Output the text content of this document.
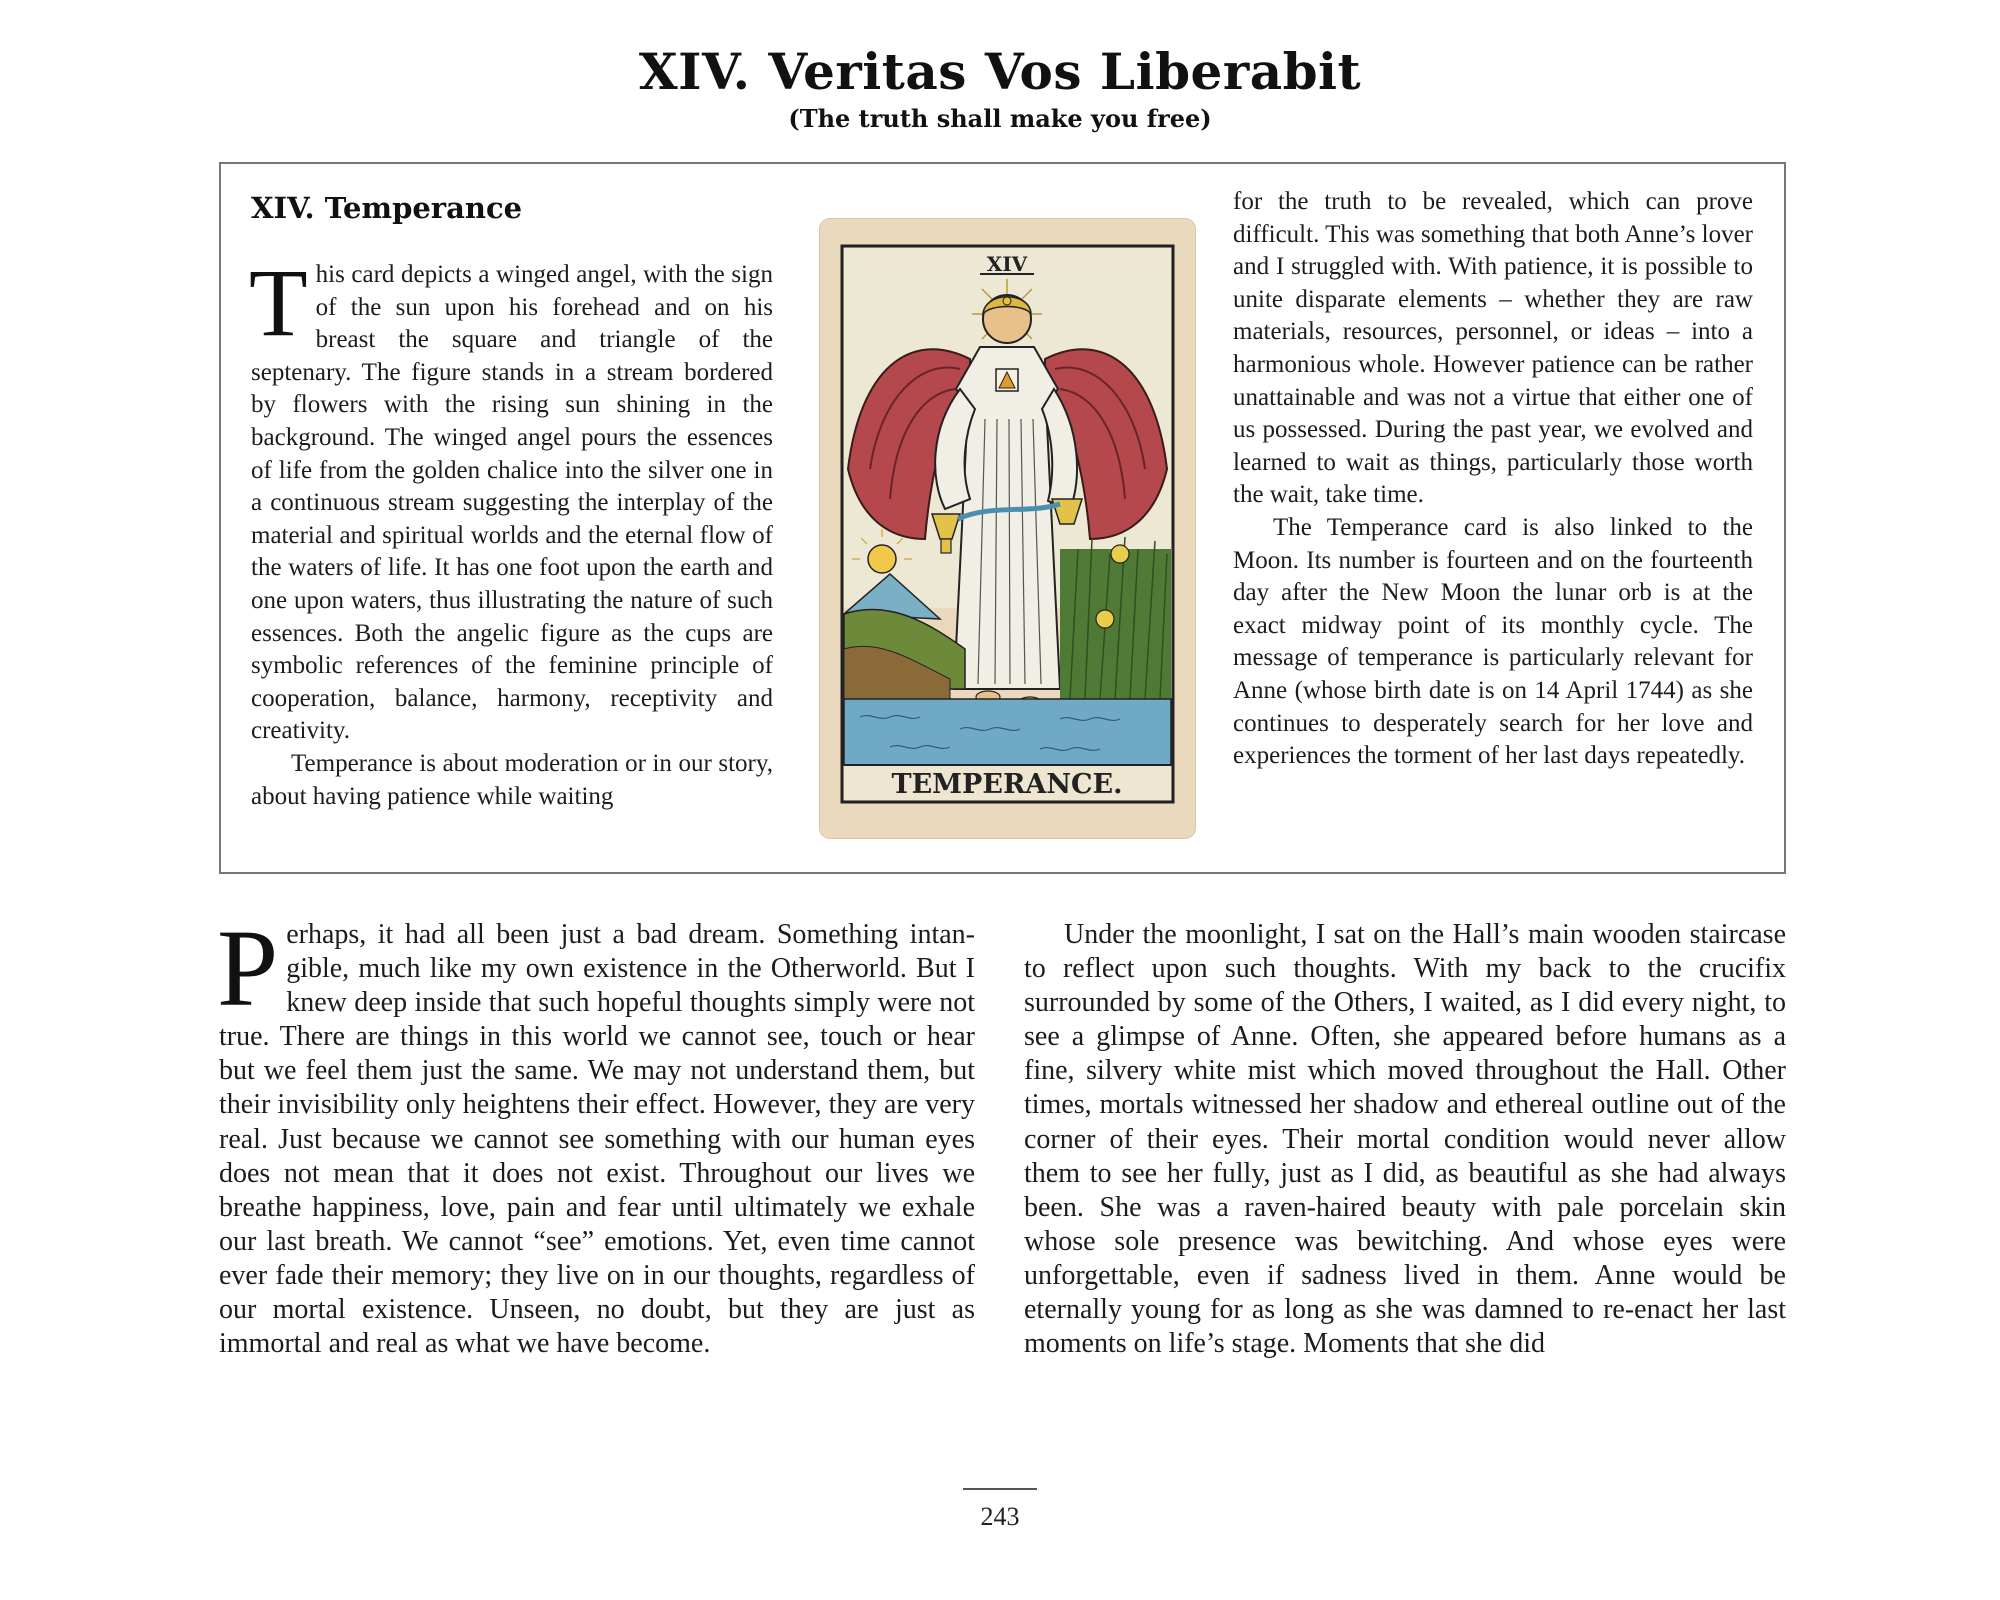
XIV. Veritas Vos Liberabit
(The truth shall make you free)
XIV. Temperance

This card depicts a winged angel, with the sign of the sun upon his forehead and on his breast the square and triangle of the septenary. The figure stands in a stream bordered by flowers with the rising sun shining in the background. The winged angel pours the essences of life from the golden chalice into the silver one in a continuous stream suggesting the interplay of the material and spiritual worlds and the eternal flow of the waters of life. It has one foot upon the earth and one upon waters, thus illustrating the nature of such essences. Both the angelic figure as the cups are symbolic references of the feminine principle of cooperation, balance, harmony, receptivity and creativity.

Temperance is about moderation or in our story, about having patience while waiting

XIV
TEMPERANCE.

for the truth to be revealed, which can prove difficult. This was something that both Anne’s lover and I struggled with. With patience, it is possible to unite disparate elements – whether they are raw materials, resources, personnel, or ideas – into a harmonious whole. However patience can be rather unattainable and was not a virtue that either one of us possessed. During the past year, we evolved and learned to wait as things, particularly those worth the wait, take time.

The Temperance card is also linked to the Moon. Its number is fourteen and on the fourteenth day after the New Moon the lunar orb is at the exact midway point of its monthly cycle. The message of temperance is particularly relevant for Anne (whose birth date is on 14 April 1744) as she continues to desperately search for her love and experiences the torment of her last days repeatedly.

Perhaps, it had all been just a bad dream. Something intangible, much like my own existence in the Otherworld. But I knew deep inside that such hopeful thoughts simply were not true. There are things in this world we cannot see, touch or hear but we feel them just the same. We may not understand them, but their invisibility only heightens their effect. However, they are very real. Just because we cannot see something with our human eyes does not mean that it does not exist. Throughout our lives we breathe happiness, love, pain and fear until ultimately we exhale our last breath. We cannot “see” emotions. Yet, even time cannot ever fade their memory; they live on in our thoughts, regardless of our mortal existence. Unseen, no doubt, but they are just as immortal and real as what we have become.

Under the moonlight, I sat on the Hall’s main wooden staircase to reflect upon such thoughts. With my back to the crucifix surrounded by some of the Others, I waited, as I did every night, to see a glimpse of Anne. Often, she appeared before humans as a fine, silvery white mist which moved throughout the Hall. Other times, mortals witnessed her shadow and ethereal outline out of the corner of their eyes. Their mortal condition would never allow them to see her fully, just as I did, as beautiful as she had always been. She was a raven-haired beauty with pale porcelain skin whose sole presence was bewitching. And whose eyes were unforgettable, even if sadness lived in them. Anne would be eternally young for as long as she was damned to re-enact her last moments on life’s stage. Moments that she did

243
